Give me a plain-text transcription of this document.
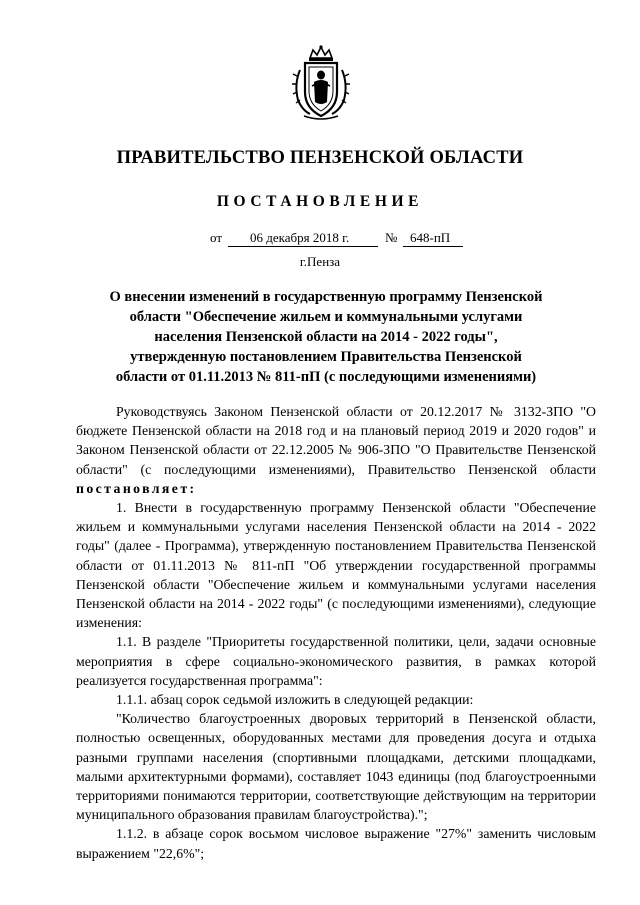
ПРАВИТЕЛЬСТВО ПЕНЗЕНСКОЙ ОБЛАСТИ
ПОСТАНОВЛЕНИЕ
от 06 декабря 2018 г.	№ 648-пП
г.Пенза
О внесении изменений в государственную программу Пензенской области "Обеспечение жильем и коммунальными услугами населения Пензенской области на 2014 - 2022 годы", утвержденную постановлением Правительства Пензенской области от 01.11.2013 № 811-пП (с последующими изменениями)

Руководствуясь Законом Пензенской области от 20.12.2017 № 3132-ЗПО "О бюджете Пензенской области на 2018 год и на плановый период 2019 и 2020 годов" и Законом Пензенской области от 22.12.2005 № 906-ЗПО "О Правительстве Пензенской области" (с последующими изменениями), Правительство Пензенской области постановляет:

1. Внести в государственную программу Пензенской области "Обеспечение жильем и коммунальными услугами населения Пензенской области на 2014 - 2022 годы" (далее - Программа), утвержденную постановлением Правительства Пензенской области от 01.11.2013 № 811-пП "Об утверждении государственной программы Пензенской области "Обеспечение жильем и коммунальными услугами населения Пензенской области на 2014 - 2022 годы" (с последующими изменениями), следующие изменения:

1.1. В разделе "Приоритеты государственной политики, цели, задачи основные мероприятия в сфере социально-экономического развития, в рамках которой реализуется государственная программа":

1.1.1. абзац сорок седьмой изложить в следующей редакции:

"Количество благоустроенных дворовых территорий в Пензенской области, полностью освещенных, оборудованных местами для проведения досуга и отдыха разными группами населения (спортивными площадками, детскими площадками, малыми архитектурными формами), составляет 1043 единицы (под благоустроенными территориями понимаются территории, соответствующие действующим на территории муниципального образования правилам благоустройства).";

1.1.2. в абзаце сорок восьмом числовое выражение "27%" заменить числовым выражением "22,6%";
